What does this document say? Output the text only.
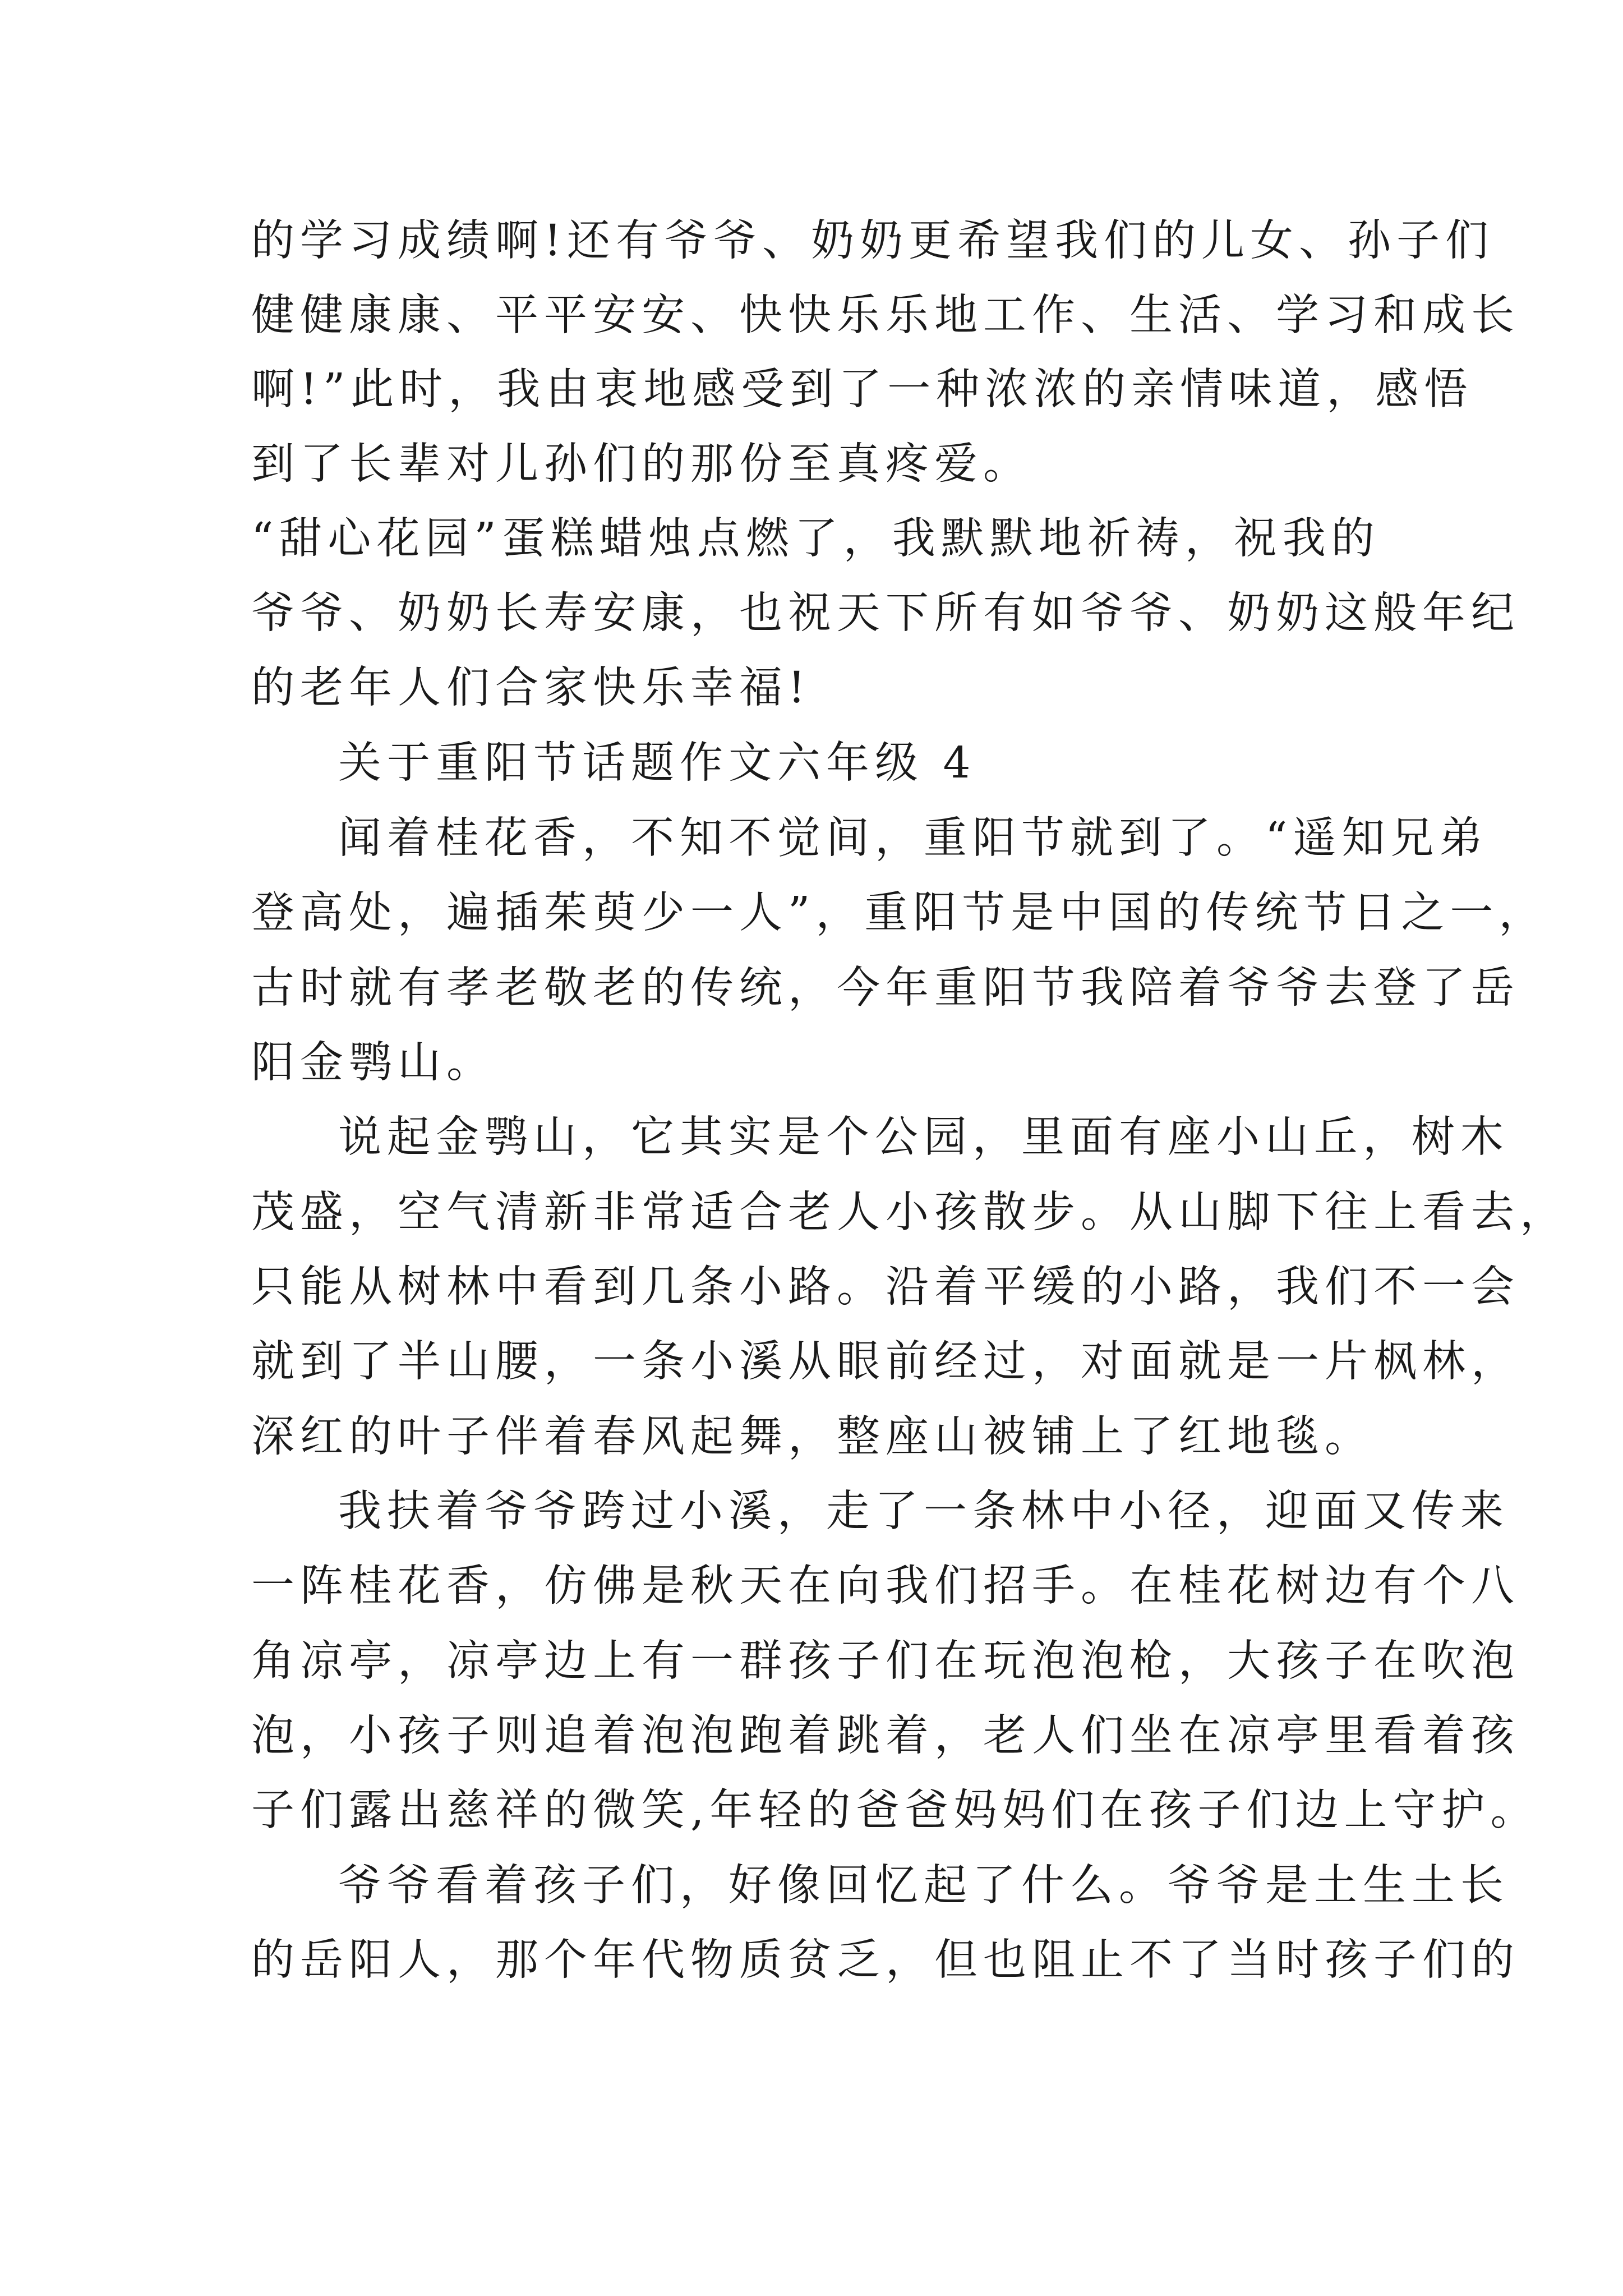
的学习成绩啊!还有爷爷、奶奶更希望我们的儿女、孙子们

健健康康、平平安安、快快乐乐地工作、生活、学习和成长

啊!”此时，我由衷地感受到了一种浓浓的亲情味道，感悟

到了长辈对儿孙们的那份至真疼爱。

“甜心花园”蛋糕蜡烛点燃了，我默默地祈祷，祝我的

爷爷、奶奶长寿安康，也祝天下所有如爷爷、奶奶这般年纪

的老年人们合家快乐幸福!

关于重阳节话题作文六年级 4

闻着桂花香，不知不觉间，重阳节就到了。“遥知兄弟

登高处，遍插茱萸少一人”，重阳节是中国的传统节日之一，

古时就有孝老敬老的传统，今年重阳节我陪着爷爷去登了岳

阳金鹗山。

说起金鹗山，它其实是个公园，里面有座小山丘，树木

茂盛，空气清新非常适合老人小孩散步。从山脚下往上看去，

只能从树林中看到几条小路。沿着平缓的小路，我们不一会

就到了半山腰，一条小溪从眼前经过，对面就是一片枫林，

深红的叶子伴着春风起舞，整座山被铺上了红地毯。

我扶着爷爷跨过小溪，走了一条林中小径，迎面又传来

一阵桂花香，仿佛是秋天在向我们招手。在桂花树边有个八

角凉亭，凉亭边上有一群孩子们在玩泡泡枪，大孩子在吹泡

泡，小孩子则追着泡泡跑着跳着，老人们坐在凉亭里看着孩

子们露出慈祥的微笑,年轻的爸爸妈妈们在孩子们边上守护。

爷爷看着孩子们，好像回忆起了什么。爷爷是土生土长

的岳阳人，那个年代物质贫乏，但也阻止不了当时孩子们的
